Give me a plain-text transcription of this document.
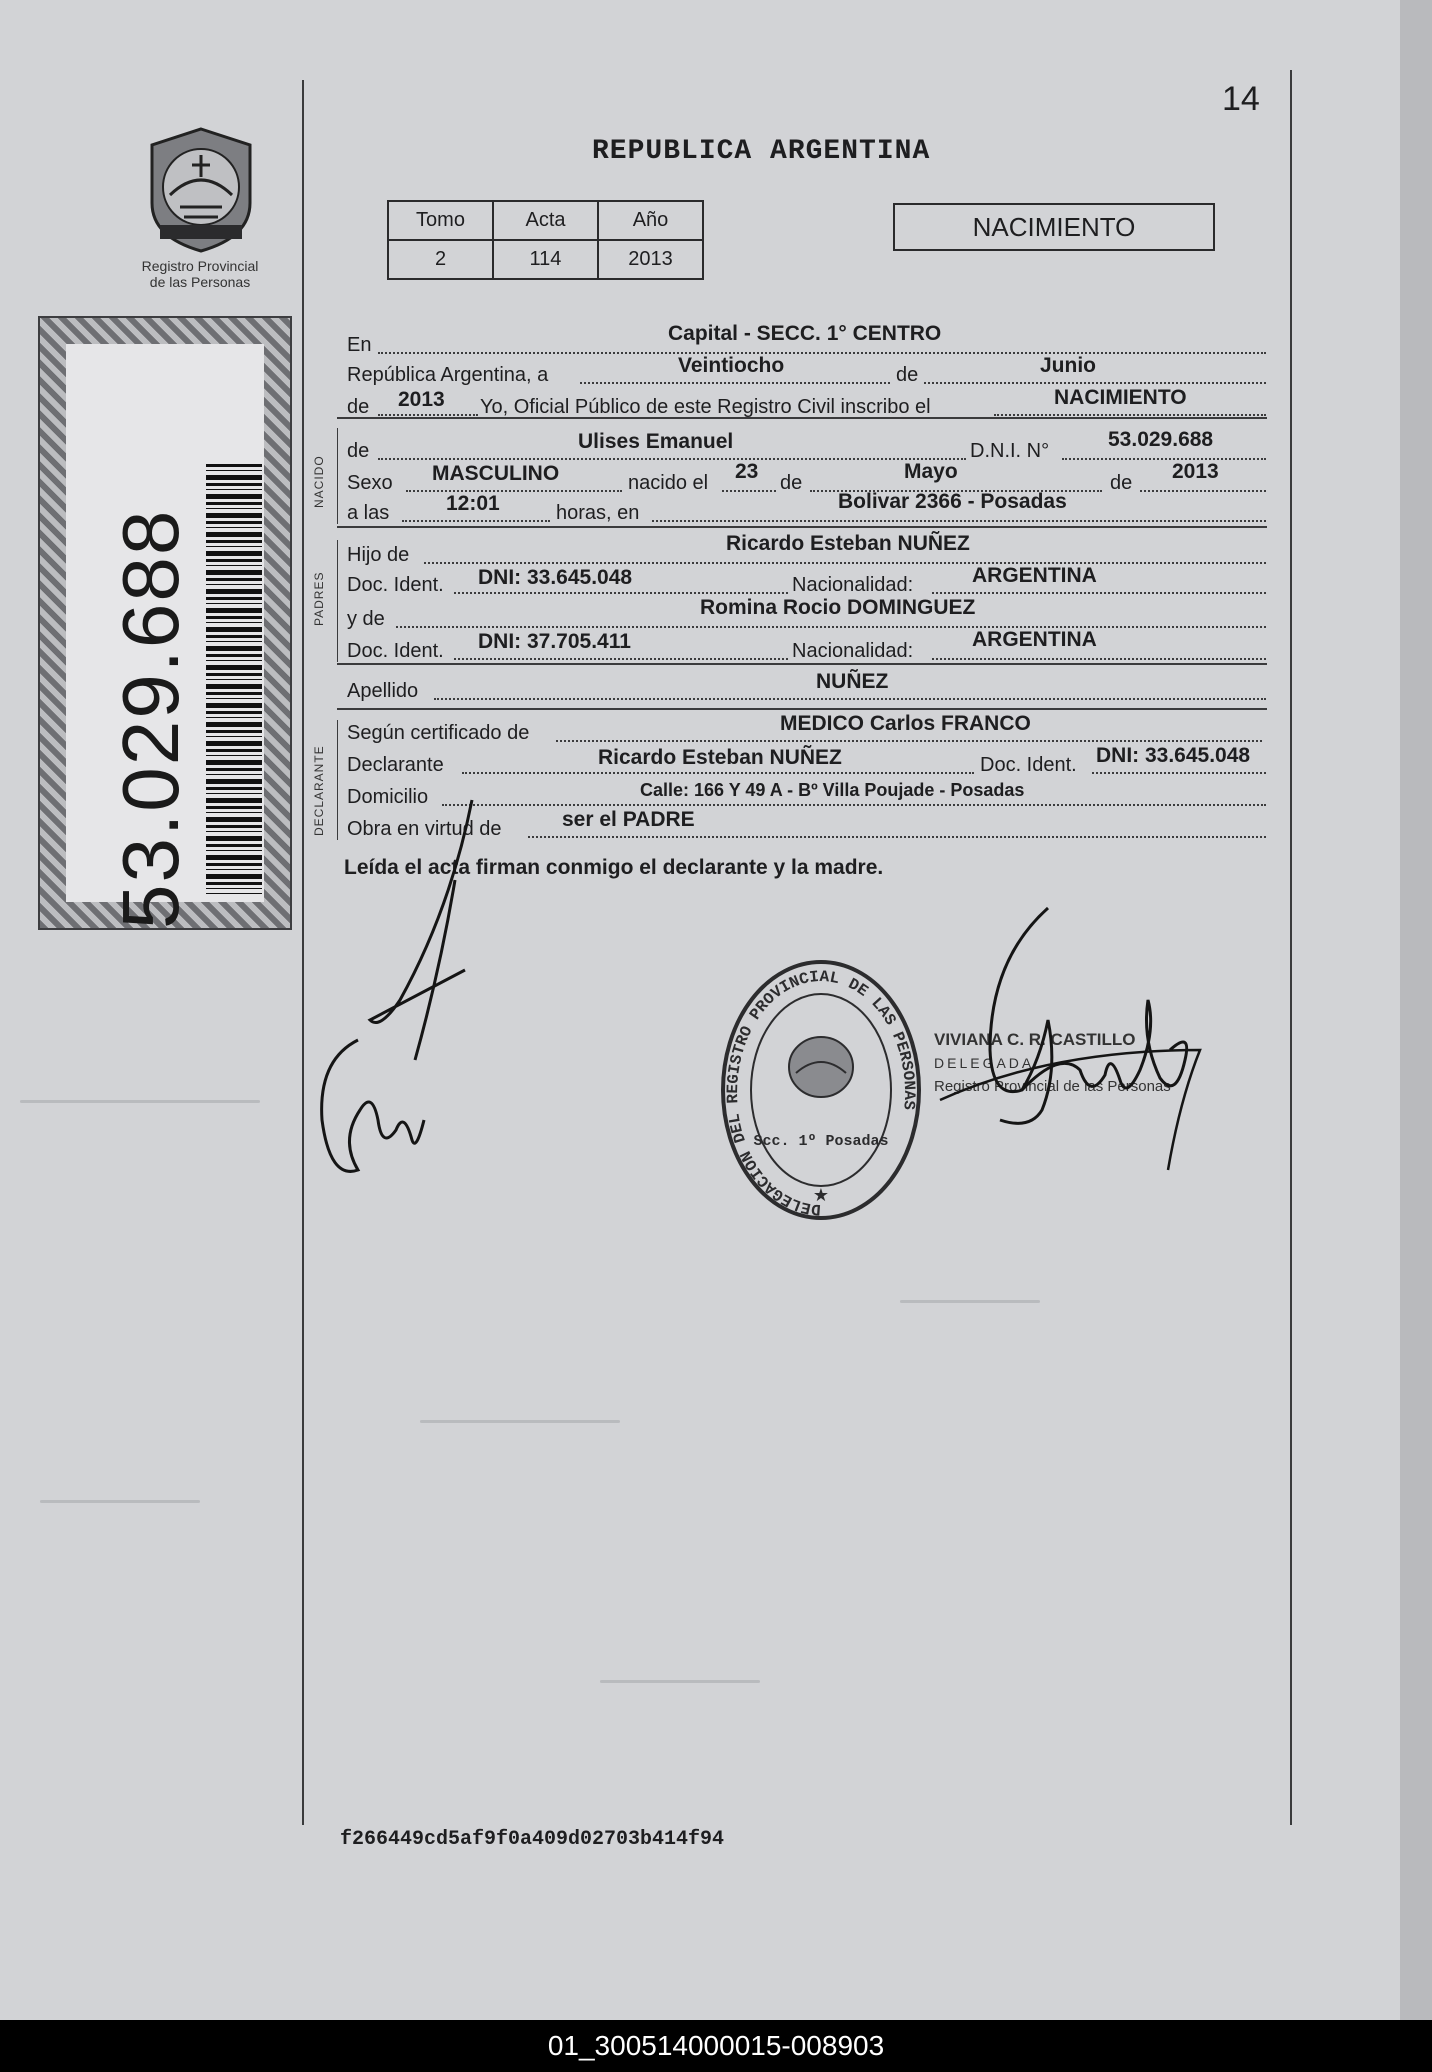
Registro Provincial
de las Personas
53.029.688
14
REPUBLICA ARGENTINA
Tomo	Acta	Año
2	114	2013
NACIMIENTO
En	Capital - SECC. 1° CENTRO
República Argentina, a	Veintiocho	de	Junio
de 2013 Yo, Oficial Público de este Registro Civil inscribo el	NACIMIENTO
NACIDO
PADRES
DECLARANTE
de	Ulises Emanuel	D.N.I. N°	53.029.688
Sexo MASCULINO	nacido el 23 de	Mayo	de 2013
a las	12:01	horas, en	Bolivar 2366 - Posadas
Hijo de	Ricardo Esteban NUÑEZ
Doc. Ident. DNI: 33.645.048	Nacionalidad:	ARGENTINA
y de	Romina Rocio DOMINGUEZ
Doc. Ident. DNI: 37.705.411	Nacionalidad:	ARGENTINA
Apellido	NUÑEZ
Según certificado de	MEDICO Carlos FRANCO
Declarante	Ricardo Esteban NUÑEZ	Doc. Ident. DNI: 33.645.048
Domicilio	Calle: 166 Y 49 A - Bº Villa Poujade - Posadas
Obra en virtud de	ser el PADRE
Leída el acta firman conmigo el declarante y la madre.
DELEGACION DEL REGISTRO PROVINCIAL DE LAS PERSONAS
Scc. 1º Posadas
★
VIVIANA C. R. CASTILLO
DELEGADA
Registro Provincial de las Personas
f266449cd5af9f0a409d02703b414f94
01_300514000015-008903
